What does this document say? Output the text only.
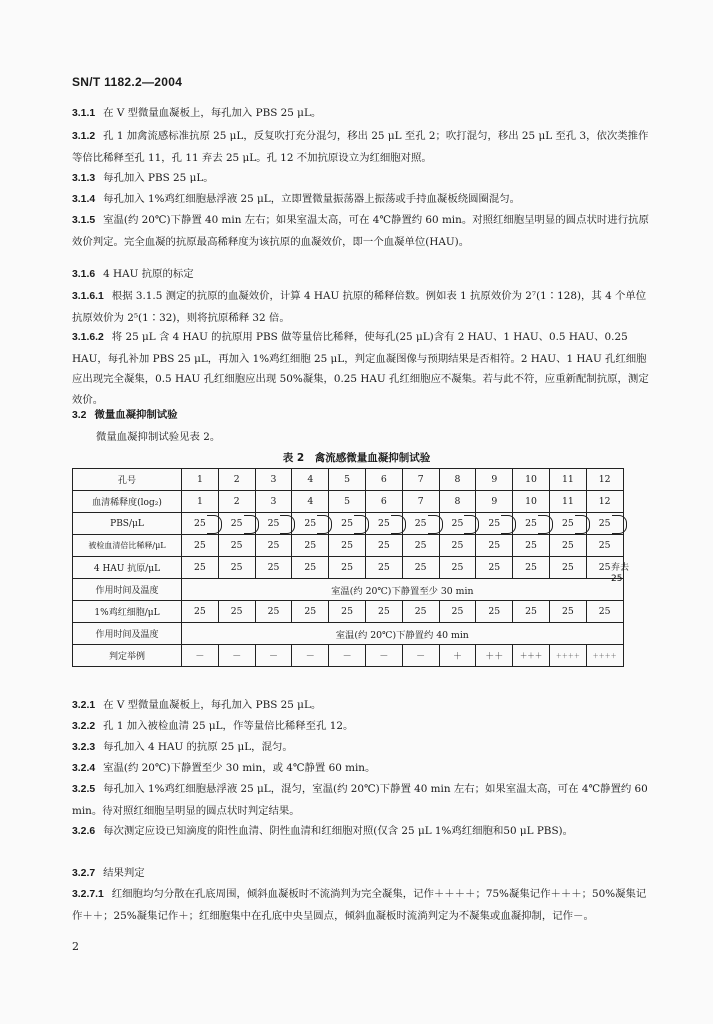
SN/T 1182.2—2004
3.1.1 在 V 型微量血凝板上，每孔加入 PBS 25 μL。
3.1.2 孔 1 加禽流感标准抗原 25 μL，反复吹打充分混匀，移出 25 μL 至孔 2；吹打混匀，移出 25 μL 至孔 3，依次类推作等倍比稀释至孔 11，孔 11 弃去 25 μL。孔 12 不加抗原设立为红细胞对照。
3.1.3 每孔加入 PBS 25 μL。
3.1.4 每孔加入 1%鸡红细胞悬浮液 25 μL，立即置微量振荡器上振荡或手持血凝板绕圆圈混匀。
3.1.5 室温(约 20℃)下静置 40 min 左右；如果室温太高，可在 4℃静置约 60 min。对照红细胞呈明显的圆点状时进行抗原效价判定。完全血凝的抗原最高稀释度为该抗原的血凝效价，即一个血凝单位(HAU)。
3.1.6 4 HAU 抗原的标定
3.1.6.1 根据 3.1.5 测定的抗原的血凝效价，计算 4 HAU 抗原的稀释倍数。例如表 1 抗原效价为 2⁷(1∶128)，其 4 个单位抗原效价为 2⁵(1∶32)，则将抗原稀释 32 倍。
3.1.6.2 将 25 μL 含 4 HAU 的抗原用 PBS 做等量倍比稀释，使每孔(25 μL)含有 2 HAU、1 HAU、0.5 HAU、0.25 HAU，每孔补加 PBS 25 μL，再加入 1%鸡红细胞 25 μL，判定血凝图像与预期结果是否相符。2 HAU、1 HAU 孔红细胞应出现完全凝集，0.5 HAU 孔红细胞应出现 50%凝集，0.25 HAU 孔红细胞应不凝集。若与此不符，应重新配制抗原，测定效价。
3.2 微量血凝抑制试验
微量血凝抑制试验见表 2。
表 2　禽流感微量血凝抑制试验
孔号	1	2	3	4	5	6	7	8	9	10	11	12
血清稀释度(log₂)	1	2	3	4	5	6	7	8	9	10	11	12
PBS/μL	25	25	25	25	25	25	25	25	25	25	25	25

被检血清倍比稀释/μL	25	25	25	25	25	25	25	25	25	25	25	25
4 HAU 抗原/μL	25	25	25	25	25	25	25	25	25	25	25	25
作用时间及温度	室温(约 20℃)下静置至少 30 min											
1%鸡红细胞/μL	25	25	25	25	25	25	25	25	25	25	25	25
作用时间及温度	室温(约 20℃)下静置约 40 min											
判定举例	－	－	－	－	－	－	－	＋	＋＋	＋＋＋	＋＋＋＋	＋＋＋＋
弃去 25
3.2.1 在 V 型微量血凝板上，每孔加入 PBS 25 μL。
3.2.2 孔 1 加入被检血清 25 μL，作等量倍比稀释至孔 12。
3.2.3 每孔加入 4 HAU 的抗原 25 μL，混匀。
3.2.4 室温(约 20℃)下静置至少 30 min，或 4℃静置 60 min。
3.2.5 每孔加入 1%鸡红细胞悬浮液 25 μL，混匀，室温(约 20℃)下静置 40 min 左右；如果室温太高，可在 4℃静置约 60 min。待对照红细胞呈明显的圆点状时判定结果。
3.2.6 每次测定应设已知滴度的阳性血清、阴性血清和红细胞对照(仅含 25 μL 1%鸡红细胞和50 μL PBS)。
3.2.7 结果判定
3.2.7.1 红细胞均匀分散在孔底周围，倾斜血凝板时不流淌判为完全凝集，记作＋＋＋＋；75%凝集记作＋＋＋；50%凝集记作＋＋；25%凝集记作＋；红细胞集中在孔底中央呈圆点，倾斜血凝板时流淌判定为不凝集或血凝抑制，记作－。
2
